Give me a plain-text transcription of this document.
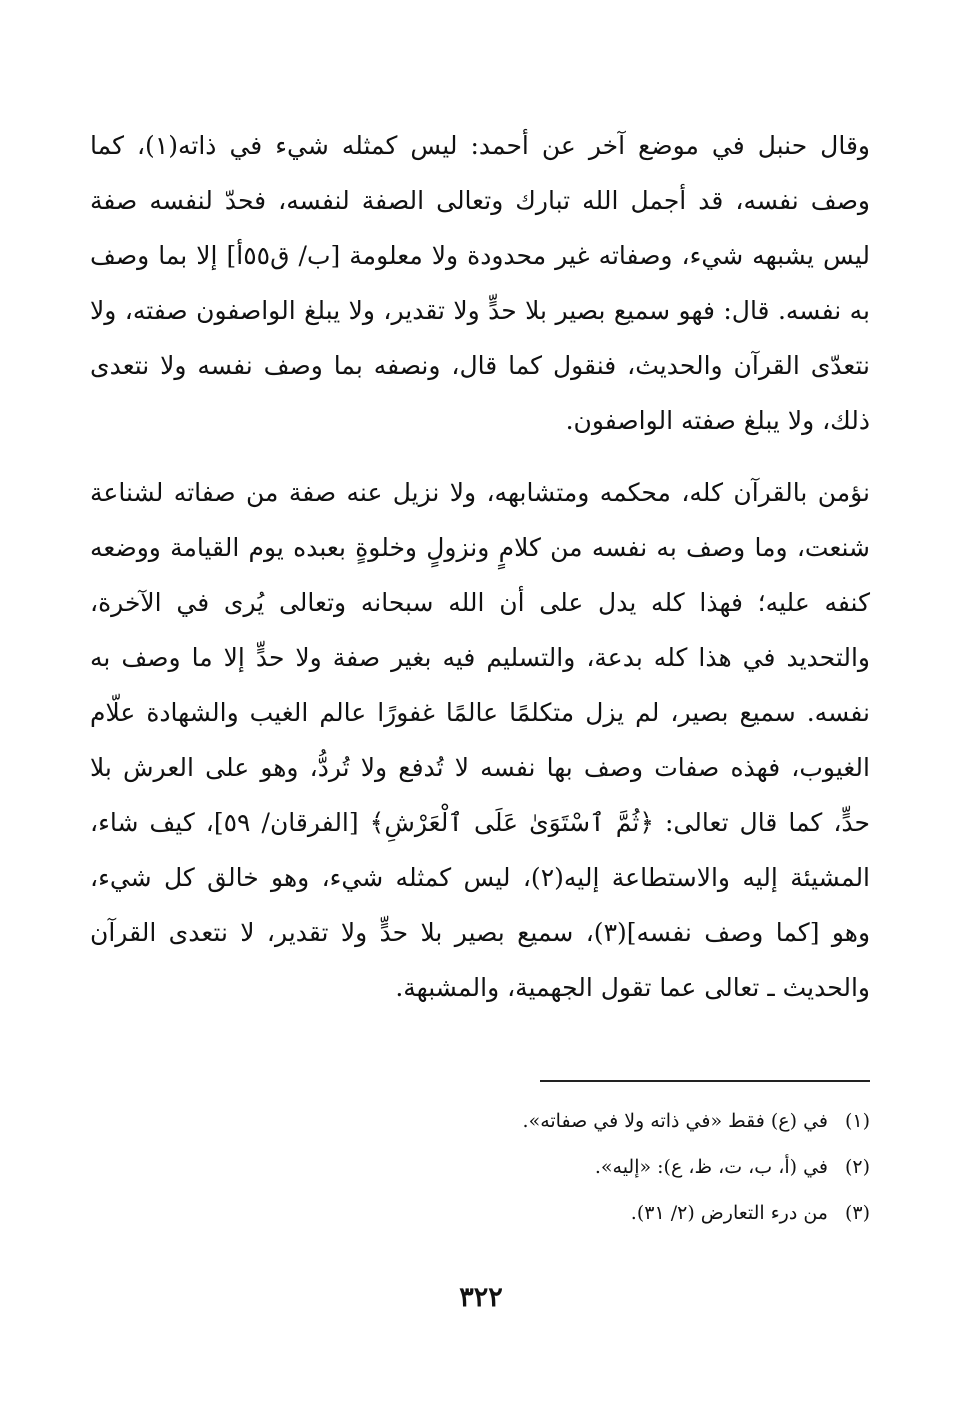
وقال حنبل في موضع آخر عن أحمد: ليس كمثله شيء في ذاته(١)، كما وصف نفسه، قد أجمل الله تبارك وتعالى الصفة لنفسه، فحدّ لنفسه صفة ليس يشبهه شيء، وصفاته غير محدودة ولا معلومة [ب/ ق٥٥أ] إلا بما وصف به نفسه. قال: فهو سميع بصير بلا حدٍّ ولا تقدير، ولا يبلغ الواصفون صفته، ولا نتعدّى القرآن والحديث، فنقول كما قال، ونصفه بما وصف نفسه ولا نتعدى ذلك، ولا يبلغ صفته الواصفون.

نؤمن بالقرآن كله، محكمه ومتشابهه، ولا نزيل عنه صفة من صفاته لشناعة شنعت، وما وصف به نفسه من كلامٍ ونزولٍ وخلوةٍ بعبده يوم القيامة ووضعه كنفه عليه؛ فهذا كله يدل على أن الله سبحانه وتعالى يُرى في الآخرة، والتحديد في هذا كله بدعة، والتسليم فيه بغير صفة ولا حدٍّ إلا ما وصف به نفسه. سميع بصير، لم يزل متكلمًا عالمًا غفورًا عالم الغيب والشهادة علّام الغيوب، فهذه صفات وصف بها نفسه لا تُدفع ولا تُردُّ، وهو على العرش بلا حدٍّ، كما قال تعالى: ﴿ثُمَّ ٱسْتَوَىٰ عَلَى ٱلْعَرْشِ﴾ [الفرقان/ ٥٩]، كيف شاء، المشيئة إليه والاستطاعة إليه(٢)، ليس كمثله شيء، وهو خالق كل شيء، وهو [كما وصف نفسه](٣)، سميع بصير بلا حدٍّ ولا تقدير، لا نتعدى القرآن والحديث ـ تعالى عما تقول الجهمية، والمشبهة.

(١)في (ع) فقط «في ذاته ولا في صفاته».
(٢)في (أ، ب، ت، ظ، ع): «إليه».
(٣)من درء التعارض (٢/ ٣١).
٣٢٢
